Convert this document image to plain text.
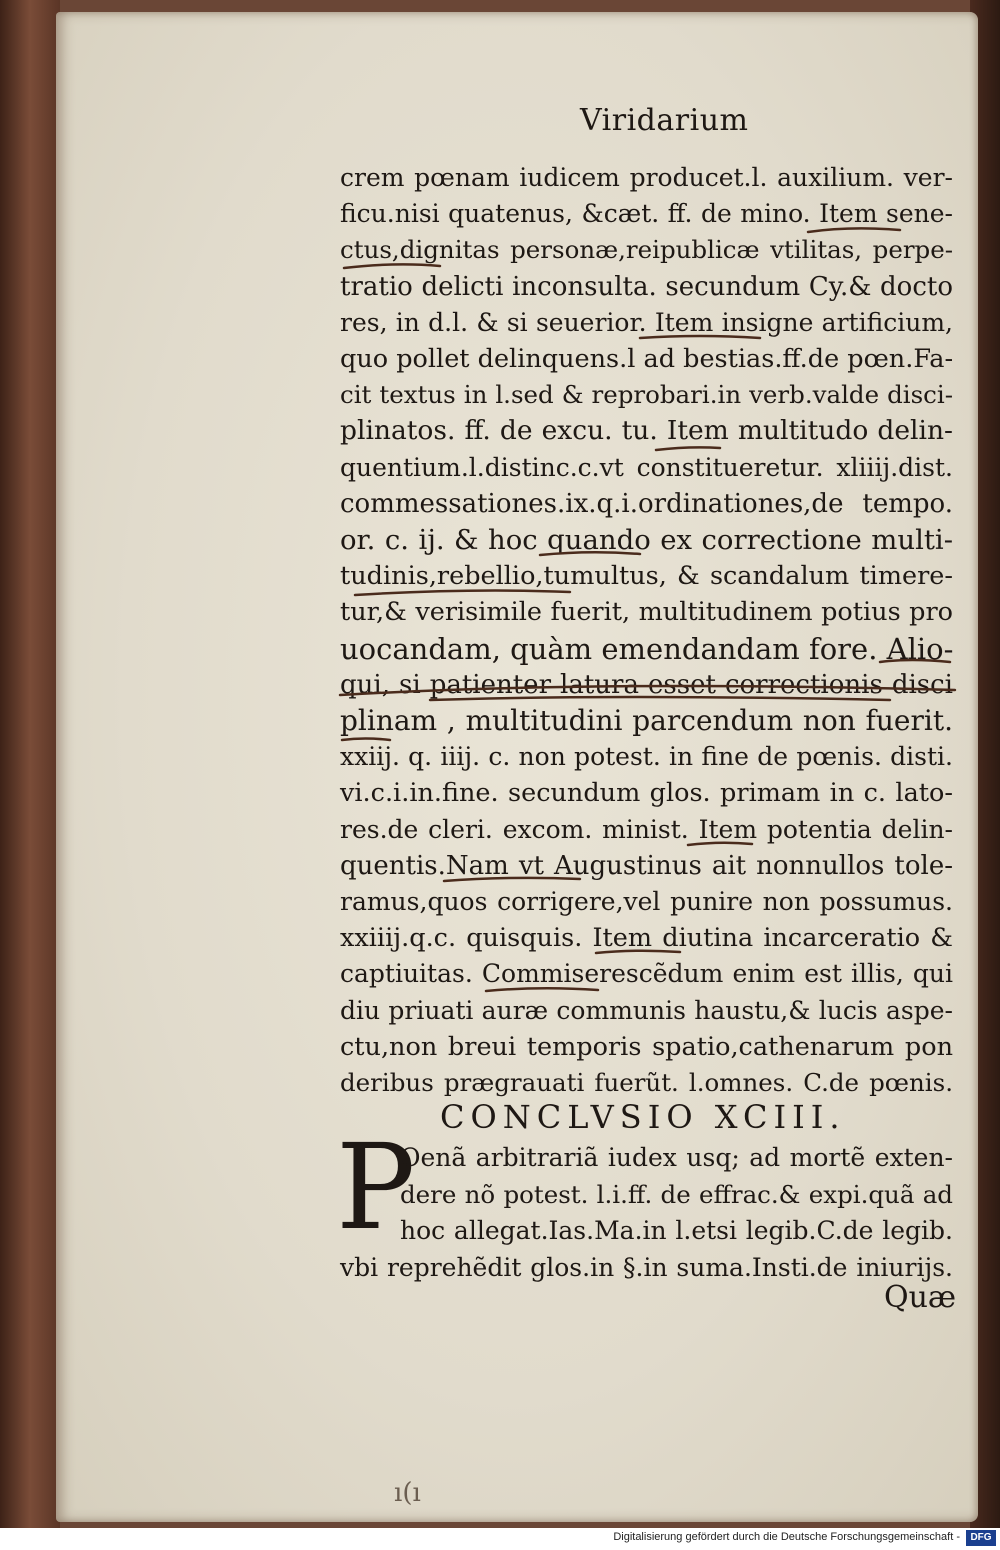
Viridarium
crem pœnam iudicem producet.l. auxilium. ver-
ficu.nisi quatenus, &cæt. ff. de mino. Item sene-
ctus,dignitas personæ,reipublicæ vtilitas, perpe-
tratio delicti inconsulta. secundum Cy.& docto
res, in d.l. & si seuerior. Item insigne artificium,
quo pollet delinquens.l ad bestias.ff.de pœn.Fa-
cit textus in l.sed & reprobari.in verb.valde disci-
plinatos. ff. de excu. tu. Item multitudo delin-
quentium.l.distinc.c.vt constitueretur. xliiij.dist.
commessationes.ix.q.i.ordinationes,de tempo.
or. c. ij. & hoc quando ex correctione multi-
tudinis,rebellio,tumultus, & scandalum timere-
tur,& verisimile fuerit, multitudinem potius pro
uocandam, quàm emendandam fore. Alio-
qui, si patienter latura esset correctionis disci
plinam , multitudini parcendum non fuerit.
xxiij. q. iiij. c. non potest. in fine de pœnis. disti.
vi.c.i.in.fine. secundum glos. primam in c. lato-
res.de cleri. excom. minist. Item potentia delin-
quentis.Nam vt Augustinus ait nonnullos tole-
ramus,quos corrigere,vel punire non possumus.
xxiiij.q.c. quisquis. Item diutina incarceratio &
captiuitas. Commiserescẽdum enim est illis, qui
diu priuati auræ communis haustu,& lucis aspe-
ctu,non breui temporis spatio,cathenarum pon
deribus prægrauati fuerũt. l.omnes. C.de pœnis.
CONCLVSIO XCIII.
P
Oenã arbitrariã iudex usq; ad mortẽ exten-
dere nõ potest. l.i.ff. de effrac.& expi.quã ad
hoc allegat.Ias.Ma.in l.etsi legib.C.de legib.
vbi reprehẽdit glos.in §.in suma.Insti.de iniurijs.
Quæ
ı(ı
Digitalisierung gefördert durch die Deutsche Forschungsgemeinschaft -	DFG
